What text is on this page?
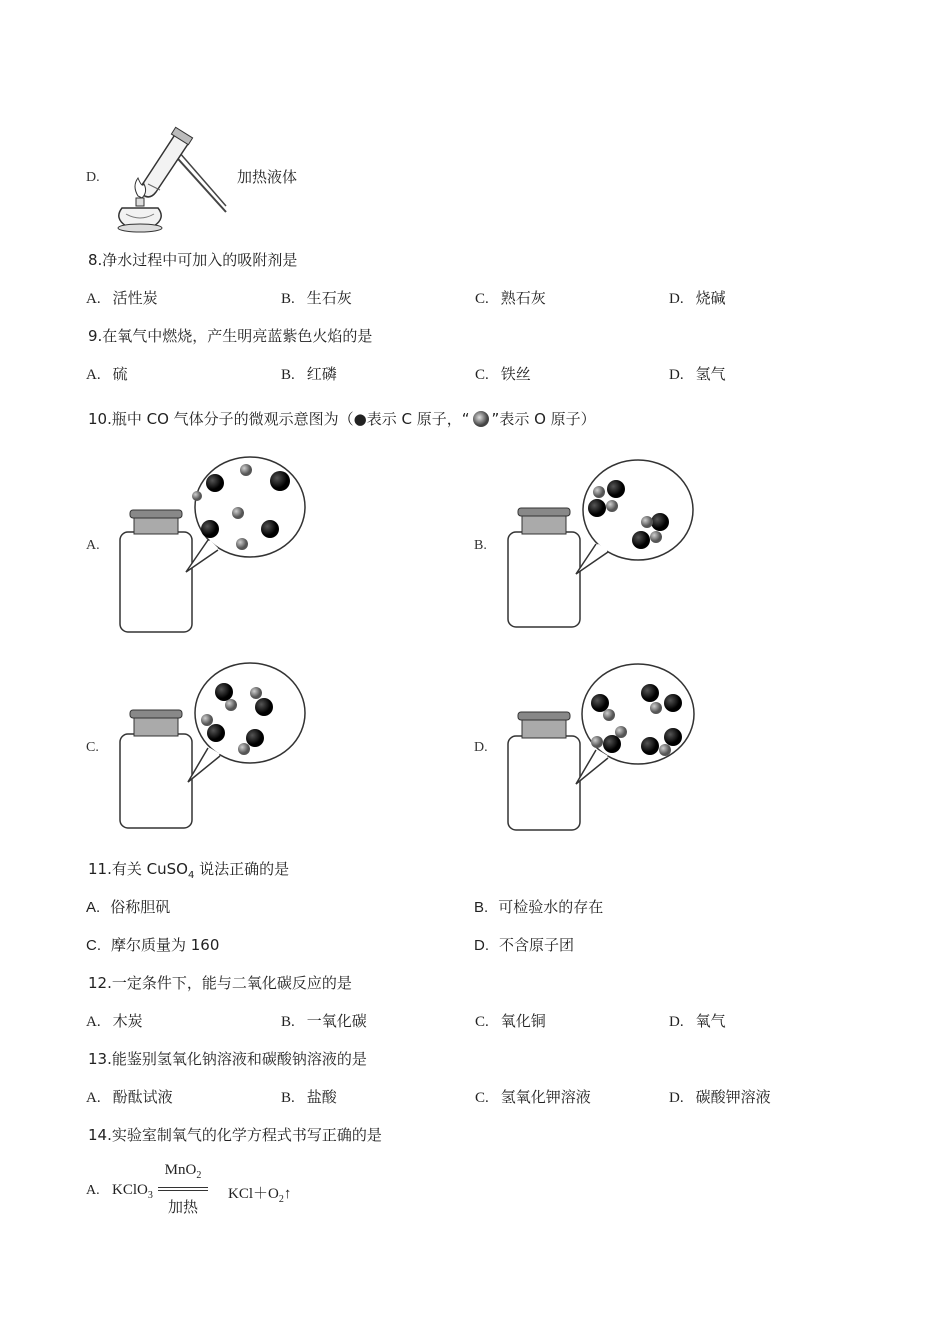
D.	加热液体
8.净水过程中可加入的吸附剂是
A. 活性炭	B. 生石灰	C. 熟石灰	D. 烧碱
9.在氧气中燃烧，产生明亮蓝紫色火焰的是
A. 硫	B. 红磷	C. 铁丝	D. 氢气
10.瓶中 CO 气体分子的微观示意图为（●表示 C 原子，“ ”表示 O 原子）
A.	B.
C.	D.
11.有关 CuSO$_4$ 说法正确的是
A. 俗称胆矾	B. 可检验水的存在
C. 摩尔质量为 160	D. 不含原子团
12.一定条件下，能与二氧化碳反应的是
A. 木炭	B. 一氧化碳	C. 氧化铜	D. 氧气
13.能鉴别氢氧化钠溶液和碳酸钠溶液的是
A. 酚酞试液	B. 盐酸	C. 氢氧化钾溶液	D. 碳酸钾溶液
14.实验室制氧气的化学方程式书写正确的是
A. KClO$_3$
MnO$_2$
加热
$KCl+O_2↑$
